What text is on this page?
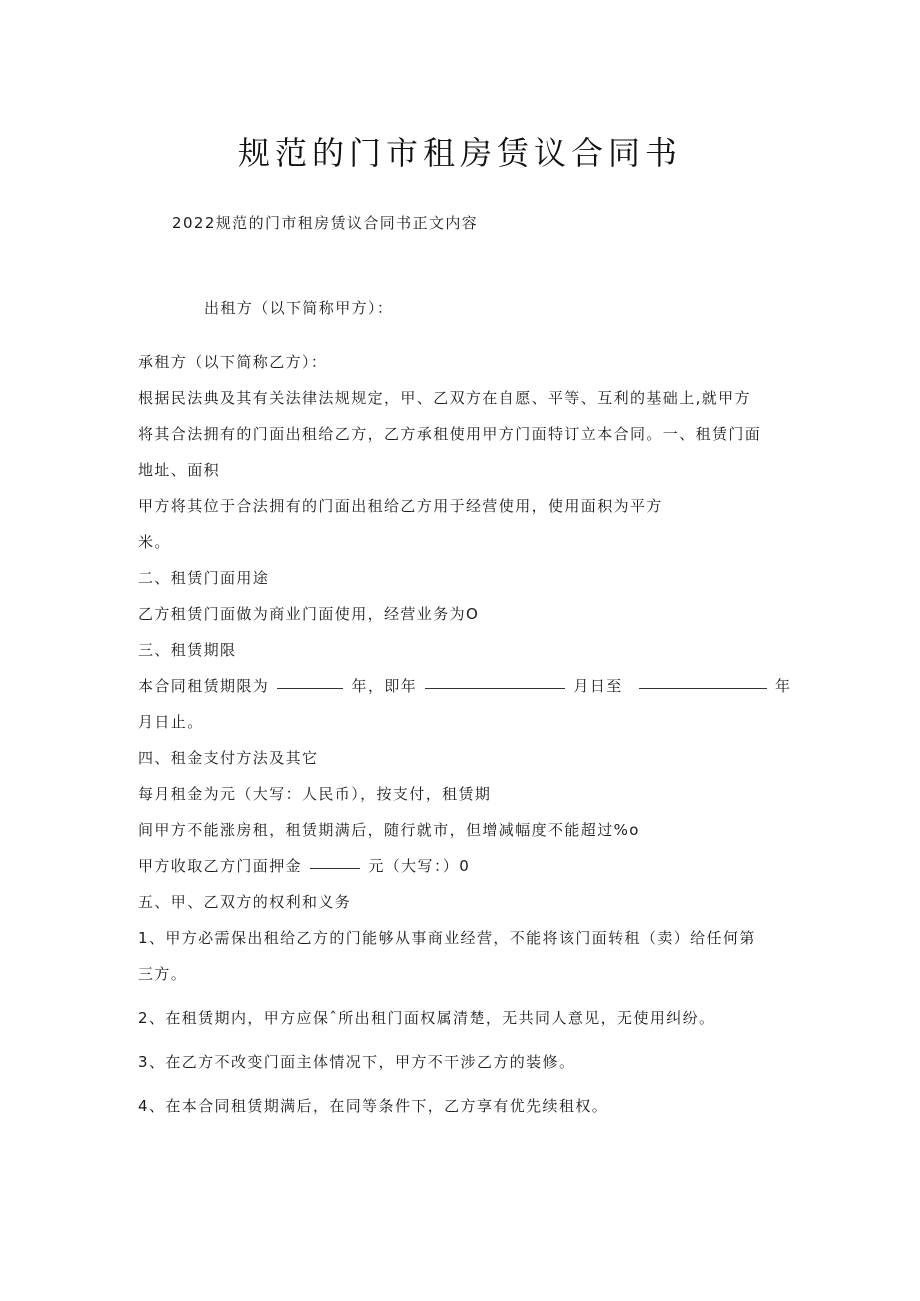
规范的门市租房赁议合同书
2022规范的门市租房赁议合同书正文内容
出租方（以下简称甲方）：
承租方（以下简称乙方）：
根据民法典及其有关法律法规规定，甲、乙双方在自愿、平等、互利的基础上,就甲方
将其合法拥有的门面出租给乙方，乙方承租使用甲方门面特订立本合同。一、租赁门面
地址、面积
甲方将其位于合法拥有的门面出租给乙方用于经营使用，使用面积为平方
米。
二、租赁门面用途
乙方租赁门面做为商业门面使用，经营业务为O
三、租赁期限
本合同租赁期限为	年，即年	月日至	年
月日止。
四、租金支付方法及其它
每月租金为元（大写：人民币），按支付，租赁期
间甲方不能涨房租，租赁期满后，随行就市，但增减幅度不能超过%o
甲方收取乙方门面押金	元（大写：）0
五、甲、乙双方的权利和义务
1、甲方必需保出租给乙方的门能够从事商业经营，不能将该门面转租（卖）给任何第
三方。
2、在租赁期内，甲方应保ˆ所出租门面权属清楚，无共同人意见，无使用纠纷。
3、在乙方不改变门面主体情况下，甲方不干涉乙方的装修。
4、在本合同租赁期满后，在同等条件下，乙方享有优先续租权。
